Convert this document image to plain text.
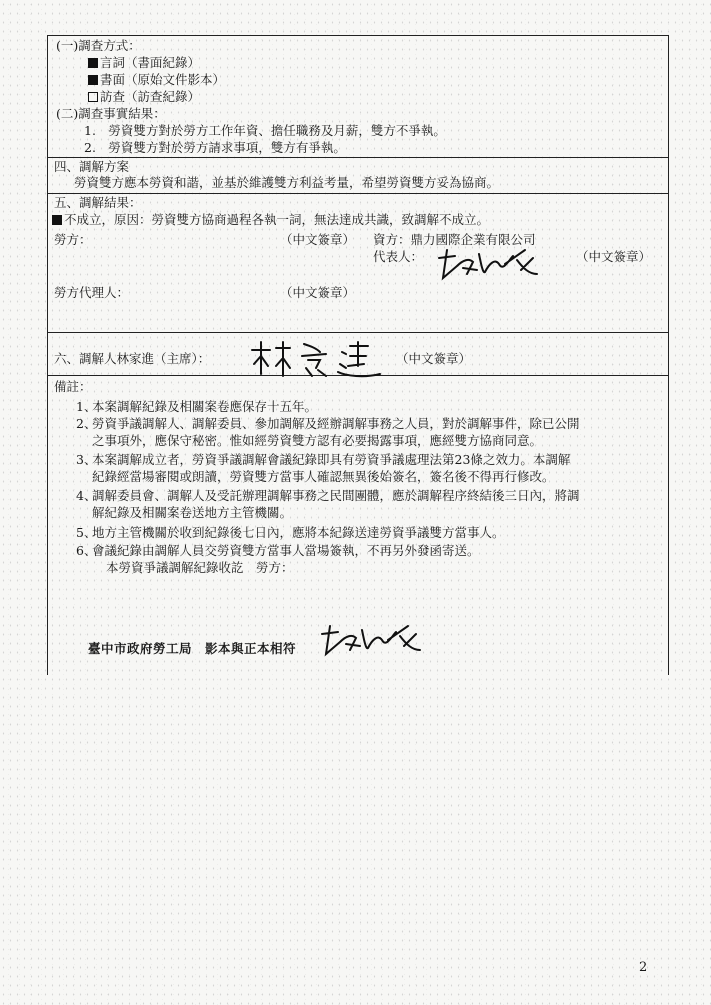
(一)調查方式：
言詞（書面紀錄）
書面（原始文件影本）
訪查（訪查紀錄）
(二)調查事實結果：
1.　勞資雙方對於勞方工作年資、擔任職務及月薪，雙方不爭執。
2.　勞資雙方對於勞方請求事項，雙方有爭執。
四、調解方案
勞資雙方應本勞資和諧，並基於維護雙方利益考量，希望勞資雙方妥為協商。
五、調解結果：
不成立，原因：勞資雙方協商過程各執一詞，無法達成共識，致調解不成立。
勞方：	（中文簽章） 資方：鼎力國際企業有限公司
代表人：	（中文簽章）
勞方代理人：	（中文簽章）
六、調解人林家進（主席）：	（中文簽章）
備註：
1、
本案調解紀錄及相關案卷應保存十五年。
2、
勞資爭議調解人、調解委員、參加調解及經辦調解事務之人員，對於調解事件，除已公開
之事項外，應保守秘密。惟如經勞資雙方認有必要揭露事項，應經雙方協商同意。
3、
本案調解成立者，勞資爭議調解會議紀錄即具有勞資爭議處理法第23條之效力。本調解
紀錄經當場審閱或朗讀，勞資雙方當事人確認無異後始簽名，簽名後不得再行修改。
4、
調解委員會、調解人及受託辦理調解事務之民間團體，應於調解程序終結後三日內，將調
解紀錄及相關案卷送地方主管機關。
5、
地方主管機關於收到紀錄後七日內，應將本紀錄送達勞資爭議雙方當事人。
6、
會議紀錄由調解人員交勞資雙方當事人當場簽執，不再另外發函寄送。
本勞資爭議調解紀錄收訖　勞方：
臺中市政府勞工局　影本與正本相符
2
